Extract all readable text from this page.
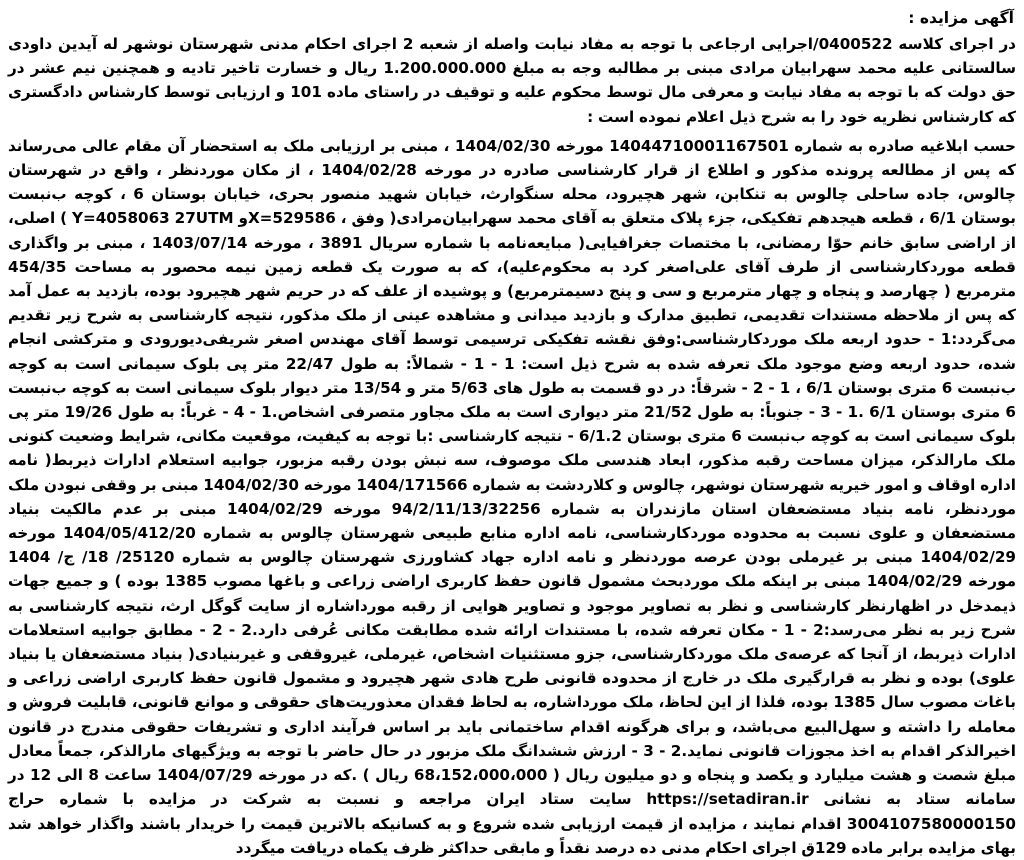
آگهی مزایده :

در اجرای کلاسه 0400522/اجرایی ارجاعی با توجه به مفاد نیابت واصله از شعبه 2 اجرای احکام مدنی شهرستان نوشهر له آیدین داودی سالستانی علیه محمد سهرابیان مرادی مبنی بر مطالبه وجه به مبلغ 1.200.000.000 ریال و خسارت تاخیر تادیه و همچنین نیم عشر در حق دولت که با توجه به مفاد نیابت و معرفی مال توسط محکوم علیه و توقیف در راستای ماده 101 و ارزیابی توسط کارشناس دادگستری که کارشناس نظریه خود را به شرح ذیل اعلام نموده است :

حسب ابلاغیه صادره به شماره 14044710001167501 مورخه 1404/02/30 ، مبنی بر ارزیابی ملک به استحضار آن مقام عالی می‌رساند که پس از مطالعه پرونده مذکور و اطلاع از قرار کارشناسی صادره در مورخه 1404/02/28 ، از مکان موردنظر ، واقع در شهرستان چالوس، جاده ساحلی چالوس به تنکابن، شهر هچیرود، محله سنگوارث، خیابان شهید منصور بحری، خیابان بوستان 6 ، کوچه ب‌نبست بوستان 6/1 ، قطعه هیجدهم تفکیکی، جزء پلاک متعلق به آقای محمد سهرابیان‌مرادی( وفق ، X=529586و Y=4058063 27UTM ) اصلی، از اراضی سابق خانم حوّا رمضانی، با مختصات جغرافیایی( مبایعه‌نامه با شماره سریال 3891 ، مورخه 1403/07/14 ، مبنی بر واگذاری قطعه موردکارشناسی از طرف آقای علی‌اصغر کرد به محکوم‌علیه)، که به صورت یک قطعه زمین نیمه محصور به مساحت 454/35 مترمربع ( چهارصد و پنجاه و چهار مترمربع و سی و پنج دسیمترمربع) و پوشیده از علف که در حریم شهر هچیرود بوده، بازدید به عمل آمد که پس از ملاحظه مستندات تقدیمی، تطبیق مدارک و بازدید میدانی و مشاهده عینی از ملک مذکور، نتیجه کارشناسی به شرح زیر تقدیم می‌گردد:1 - حدود اربعه ملک موردکارشناسی:وفق نقشه تفکیکی ترسیمی توسط آقای مهندس اصغر شریفی‌دیورودی و مترکشی انجام شده، حدود اربعه وضع موجود ملک تعرفه شده به شرح ذیل است: 1 - 1 - شمالاً: به طول 22/47 متر پی بلوک سیمانی است به کوچه ب‌نبست 6 متری بوستان 6/1 ، 1 - 2 - شرقاً: در دو قسمت به طول های 5/63 متر و 13/54 متر دیوار بلوک سیمانی است به کوچه ب‌نبست 6 متری بوستان 6/1 .1 - 3 - جنوباً: به طول 21/52 متر دیواری است به ملک مجاور متصرفی اشخاص.1 - 4 - غرباً: به طول 19/26 متر پی بلوک سیمانی است به کوچه ب‌نبست 6 متری بوستان 6/1.2 - نتیجه کارشناسی :با توجه به کیفیت، موقعیت مکانی، شرایط وضعیت کنونی ملک مارالذکر، میزان مساحت رقبه مذکور، ابعاد هندسی ملک موصوف، سه نبش بودن رقبه مزبور، جوابیه استعلام ادارات ذیربط( نامه اداره اوقاف و امور خیریه شهرستان نوشهر، چالوس و کلاردشت به شماره 1404/171566 مورخه 1404/02/30 مبنی بر وقفی نبودن ملک موردنظر، نامه بنیاد مستضعفان استان مازندران به شماره 94/2/11/13/32256 مورخه 1404/02/29 مبنی بر عدم مالکیت بنیاد مستضعفان و علوی نسبت به محدوده موردکارشناسی، نامه اداره منابع طبیعی شهرستان چالوس به شماره 1404/05/412/20 مورخه 1404/02/29 مبنی بر غیرملی بودن عرصه موردنظر و نامه اداره جهاد کشاورزی شهرستان چالوس به شماره 25120/ 18/ ج/ 1404 مورخه 1404/02/29 مبنی بر اینکه ملک موردبحث مشمول قانون حفظ کاربری اراضی زراعی و باغها مصوب 1385 بوده ) و جمیع جهات ذیمدخل در اظهارنظر کارشناسی و نظر به تصاویر موجود و تصاویر هوایی از رقبه مورداشاره از سایت گوگل ارث، نتیجه کارشناسی به شرح زیر به نظر می‌رسد:2 - 1 - مکان تعرفه شده، با مستندات ارائه شده مطابقت مکانی عُرفی دارد.2 - 2 - مطابق جوابیه استعلامات ادارات ذیربط، از آنجا که عرصه‌ی ملک موردکارشناسی، جزو مستثنیات اشخاص، غیرملی، غیروقفی و غیربنیادی( بنیاد مستضعفان یا بنیاد علوی) بوده و نظر به قرارگیری ملک در خارج از محدوده قانونی طرح هادی شهر هچیرود و مشمول قانون حفظ کاربری اراضی زراعی و باغات مصوب سال 1385 بوده، فلذا از این لحاظ، ملک مورداشاره، به لحاظ فقدان معذوریت‌های حقوقی و موانع قانونی، قابلیت فروش و معامله را داشته و سهل‌البیع می‌باشد، و برای هرگونه اقدام ساختمانی باید بر اساس فرآیند اداری و تشریفات حقوقی مندرج در قانون اخیرالذکر اقدام به اخذ مجوزات قانونی نماید.2 - 3 - ارزش ششدانگ ملک مزبور در حال حاضر با توجه به ویژگیهای مارالذکر، جمعاً معادل مبلغ شصت و هشت میلیارد و یکصد و پنجاه و دو میلیون ریال ( 68،152،000،000 ریال ) .که در مورخه 1404/07/29 ساعت 8 الی 12 در سامانه ستاد به نشانی https://setadiran.ir سایت ستاد ایران مراجعه و نسبت به شرکت در مزایده با شماره حراج 3004107580000150 اقدام نمایند ، مزایده از قیمت ارزیابی شده شروع و به کسانیکه بالاترین قیمت را خریدار باشند واگذار خواهد شد بهای مزایده برابر ماده 129ق اجرای احکام مدنی ده درصد نقداً و مابقی حداکثر ظرف یکماه دریافت میگردد
